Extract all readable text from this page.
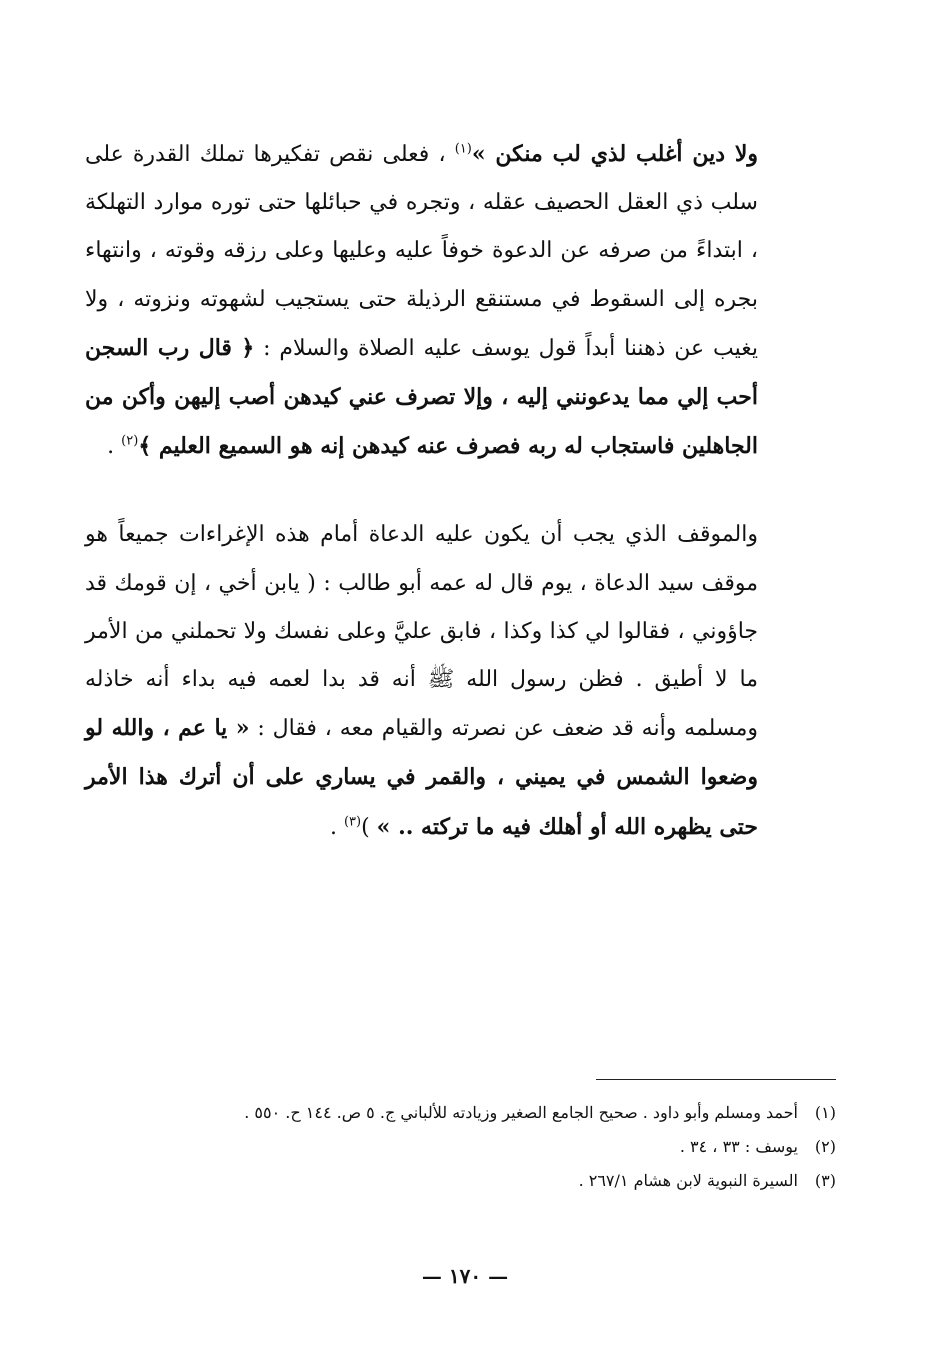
ولا دين أغلب لذي لب منكن »$^{(١)}$ ، فعلى نقص تفكيرها تملك القدرة على سلب ذي العقل الحصيف عقله ، وتجره في حبائلها حتى توره موارد التهلكة ، ابتداءً من صرفه عن الدعوة خوفاً عليه وعليها وعلى رزقه وقوته ، وانتهاء بجره إلى السقوط في مستنقع الرذيلة حتى يستجيب لشهوته ونزوته ، ولا يغيب عن ذهننا أبداً قول يوسف عليه الصلاة والسلام : ﴿ قال رب السجن أحب إلي مما يدعونني إليه ، وإلا تصرف عني كيدهن أصب إليهن وأكن من الجاهلين فاستجاب له ربه فصرف عنه كيدهن إنه هو السميع العليم ﴾$^{(٢)}$ .

والموقف الذي يجب أن يكون عليه الدعاة أمام هذه الإغراءات جميعاً هو موقف سيد الدعاة ، يوم قال له عمه أبو طالب : ( يابن أخي ، إن قومك قد جاؤوني ، فقالوا لي كذا وكذا ، فابق عليَّ وعلى نفسك ولا تحملني من الأمر ما لا أطيق . فظن رسول الله ﷺ أنه قد بدا لعمه فيه بداء أنه خاذله ومسلمه وأنه قد ضعف عن نصرته والقيام معه ، فقال : « يا عم ، والله لو وضعوا الشمس في يميني ، والقمر في يساري على أن أترك هذا الأمر حتى يظهره الله أو أهلك فيه ما تركته .. » )$^{(٣)}$ .

(١)أحمد ومسلم وأبو داود . صحيح الجامع الصغير وزيادته للألباني ج. ٥ ص. ١٤٤ ح. ٥٥٠ .
(٢)يوسف : ٣٣ ، ٣٤ .
(٣)السيرة النبوية لابن هشام ٢٦٧/١ .
— ١٧٠ —
